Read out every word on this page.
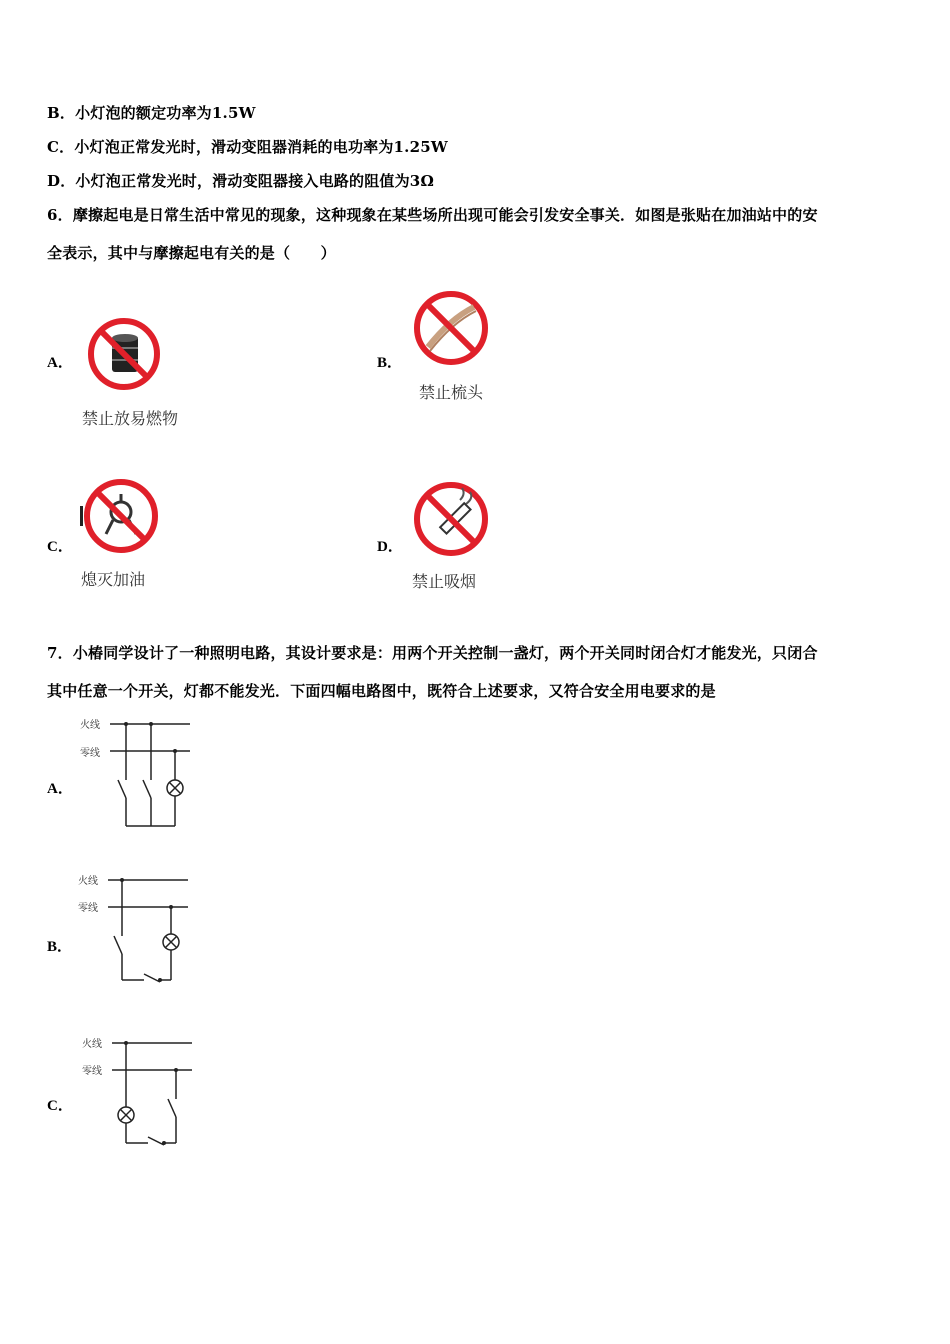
B．小灯泡的额定功率为1.5W
C．小灯泡正常发光时，滑动变阻器消耗的电功率为1.25W
D．小灯泡正常发光时，滑动变阻器接入电路的阻值为3Ω
6．摩擦起电是日常生活中常见的现象，这种现象在某些场所出现可能会引发安全事关．如图是张贴在加油站中的安
全表示，其中与摩擦起电有关的是（　　）
A．
禁止放易燃物
B．
禁止梳头
C．
熄灭加油
D．
禁止吸烟
7．小椿同学设计了一种照明电路，其设计要求是：用两个开关控制一盏灯，两个开关同时闭合灯才能发光，只闭合
其中任意一个开关，灯都不能发光．下面四幅电路图中，既符合上述要求，又符合安全用电要求的是
A．
火线
零线
B．
火线
零线
C．
火线
零线
